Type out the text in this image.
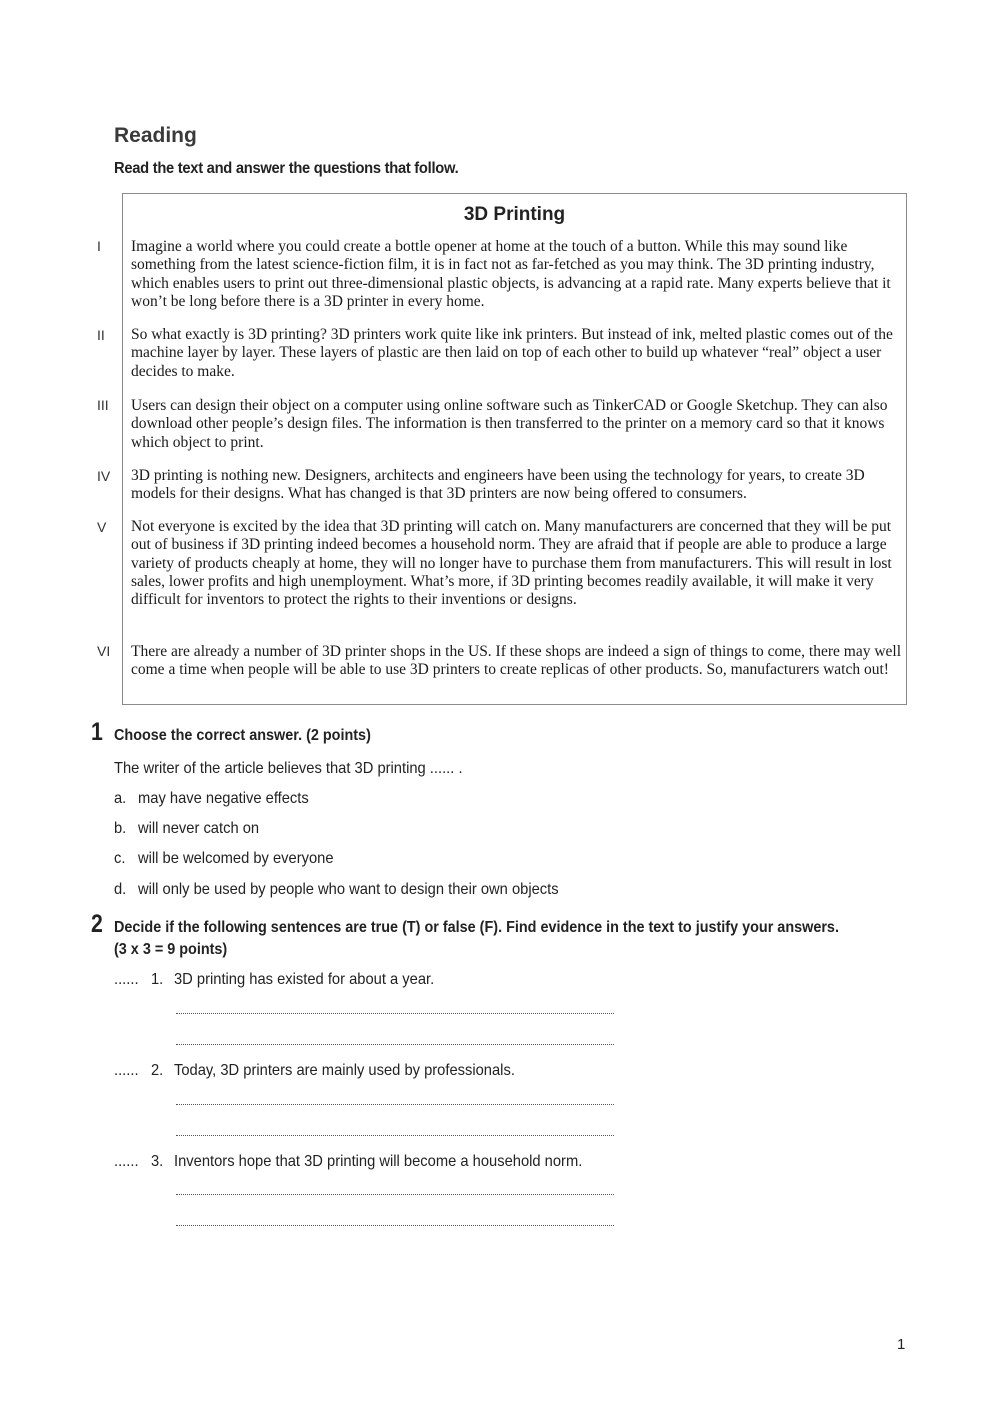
Reading
Read the text and answer the questions that follow.
3D Printing
I
II
III
IV
V
VI

Imagine a world where you could create a bottle opener at home at the touch of a button. While this may sound like something from the latest science-fiction film, it is in fact not as far-fetched as you may think. The 3D printing industry, which enables users to print out three-dimensional plastic objects, is advancing at a rapid rate. Many experts believe that it won’t be long before there is a 3D printer in every home.

So what exactly is 3D printing? 3D printers work quite like ink printers. But instead of ink, melted plastic comes out of the machine layer by layer. These layers of plastic are then laid on top of each other to build up whatever “real” object a user decides to make.

Users can design their object on a computer using online software such as TinkerCAD or Google Sketchup. They can also download other people’s design files. The information is then transferred to the printer on a memory card so that it knows which object to print.

3D printing is nothing new. Designers, architects and engineers have been using the technology for years, to create 3D models for their designs. What has changed is that 3D printers are now being offered to consumers.

Not everyone is excited by the idea that 3D printing will catch on. Many manufacturers are concerned that they will be put out of business if 3D printing indeed becomes a household norm. They are afraid that if people are able to produce a large variety of products cheaply at home, they will no longer have to purchase them from manufacturers. This will result in lost sales, lower profits and high unemployment. What’s more, if 3D printing becomes readily available, it will make it very difficult for inventors to protect the rights to their inventions or designs.

There are already a number of 3D printer shops in the US. If these shops are indeed a sign of things to come, there may well come a time when people will be able to use 3D printers to create replicas of other products. So, manufacturers watch out!

1 Choose the correct answer. (2 points)
The writer of the article believes that 3D printing ...... .
a. may have negative effects
b. will never catch on
c. will be welcomed by everyone
d. will only be used by people who want to design their own objects
2 Decide if the following sentences are true (T) or false (F). Find evidence in the text to justify your answers.
(3 x 3 = 9 points)
...... 1. 3D printing has existed for about a year.
...... 2. Today, 3D printers are mainly used by professionals.
...... 3. Inventors hope that 3D printing will become a household norm.
1
